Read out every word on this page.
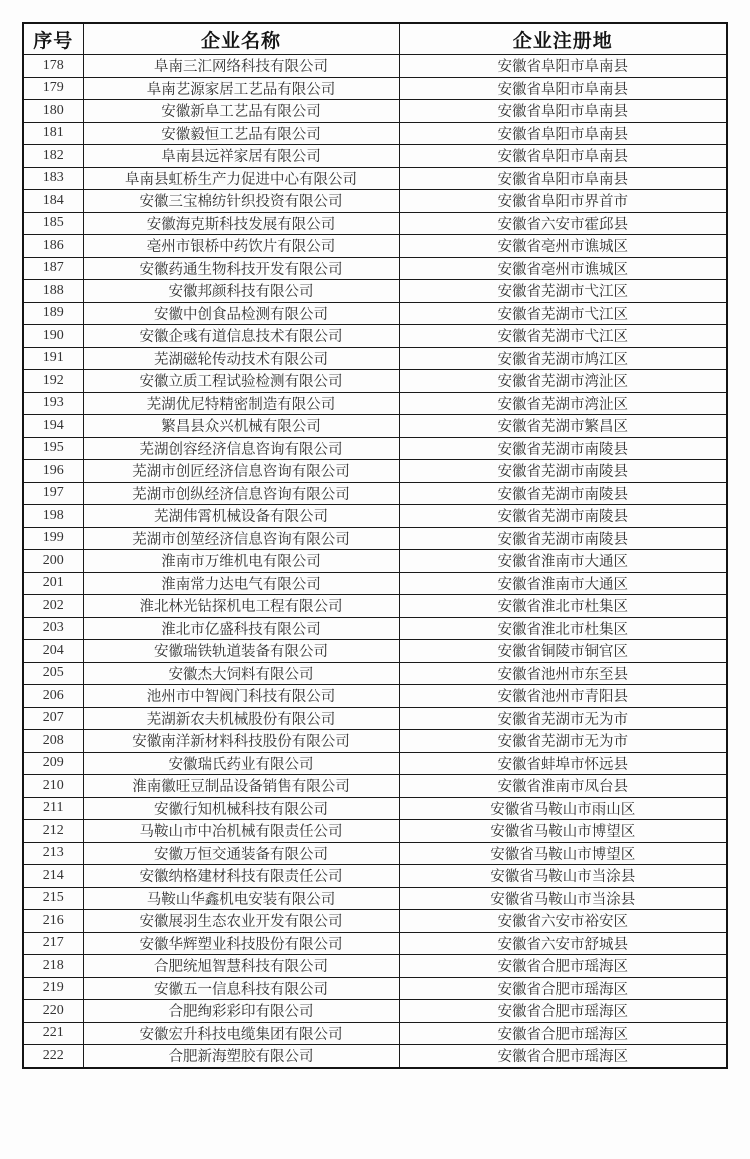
序号	企业名称	企业注册地
178	阜南三汇网络科技有限公司	安徽省阜阳市阜南县
179	阜南艺源家居工艺品有限公司	安徽省阜阳市阜南县
180	安徽新阜工艺品有限公司	安徽省阜阳市阜南县
181	安徽毅恒工艺品有限公司	安徽省阜阳市阜南县
182	阜南县远祥家居有限公司	安徽省阜阳市阜南县
183	阜南县虹桥生产力促进中心有限公司	安徽省阜阳市阜南县
184	安徽三宝棉纺针织投资有限公司	安徽省阜阳市界首市
185	安徽海克斯科技发展有限公司	安徽省六安市霍邱县
186	亳州市银桥中药饮片有限公司	安徽省亳州市谯城区
187	安徽药通生物科技开发有限公司	安徽省亳州市谯城区
188	安徽邦颜科技有限公司	安徽省芜湖市弋江区
189	安徽中创食品检测有限公司	安徽省芜湖市弋江区
190	安徽企彧有道信息技术有限公司	安徽省芜湖市弋江区
191	芜湖磁轮传动技术有限公司	安徽省芜湖市鸠江区
192	安徽立质工程试验检测有限公司	安徽省芜湖市湾沚区
193	芜湖优尼特精密制造有限公司	安徽省芜湖市湾沚区
194	繁昌县众兴机械有限公司	安徽省芜湖市繁昌区
195	芜湖创容经济信息咨询有限公司	安徽省芜湖市南陵县
196	芜湖市创匠经济信息咨询有限公司	安徽省芜湖市南陵县
197	芜湖市创纵经济信息咨询有限公司	安徽省芜湖市南陵县
198	芜湖伟霄机械设备有限公司	安徽省芜湖市南陵县
199	芜湖市创堃经济信息咨询有限公司	安徽省芜湖市南陵县
200	淮南市万维机电有限公司	安徽省淮南市大通区
201	淮南常力达电气有限公司	安徽省淮南市大通区
202	淮北林光钻探机电工程有限公司	安徽省淮北市杜集区
203	淮北市亿盛科技有限公司	安徽省淮北市杜集区
204	安徽瑞铁轨道装备有限公司	安徽省铜陵市铜官区
205	安徽杰大饲料有限公司	安徽省池州市东至县
206	池州市中智阀门科技有限公司	安徽省池州市青阳县
207	芜湖新农夫机械股份有限公司	安徽省芜湖市无为市
208	安徽南洋新材料科技股份有限公司	安徽省芜湖市无为市
209	安徽瑞氏药业有限公司	安徽省蚌埠市怀远县
210	淮南徽旺豆制品设备销售有限公司	安徽省淮南市凤台县
211	安徽行知机械科技有限公司	安徽省马鞍山市雨山区
212	马鞍山市中冶机械有限责任公司	安徽省马鞍山市博望区
213	安徽万恒交通装备有限公司	安徽省马鞍山市博望区
214	安徽纳格建材科技有限责任公司	安徽省马鞍山市当涂县
215	马鞍山华鑫机电安装有限公司	安徽省马鞍山市当涂县
216	安徽展羽生态农业开发有限公司	安徽省六安市裕安区
217	安徽华辉塑业科技股份有限公司	安徽省六安市舒城县
218	合肥统旭智慧科技有限公司	安徽省合肥市瑶海区
219	安徽五一信息科技有限公司	安徽省合肥市瑶海区
220	合肥绚彩彩印有限公司	安徽省合肥市瑶海区
221	安徽宏升科技电缆集团有限公司	安徽省合肥市瑶海区
222	合肥新海塑胶有限公司	安徽省合肥市瑶海区
